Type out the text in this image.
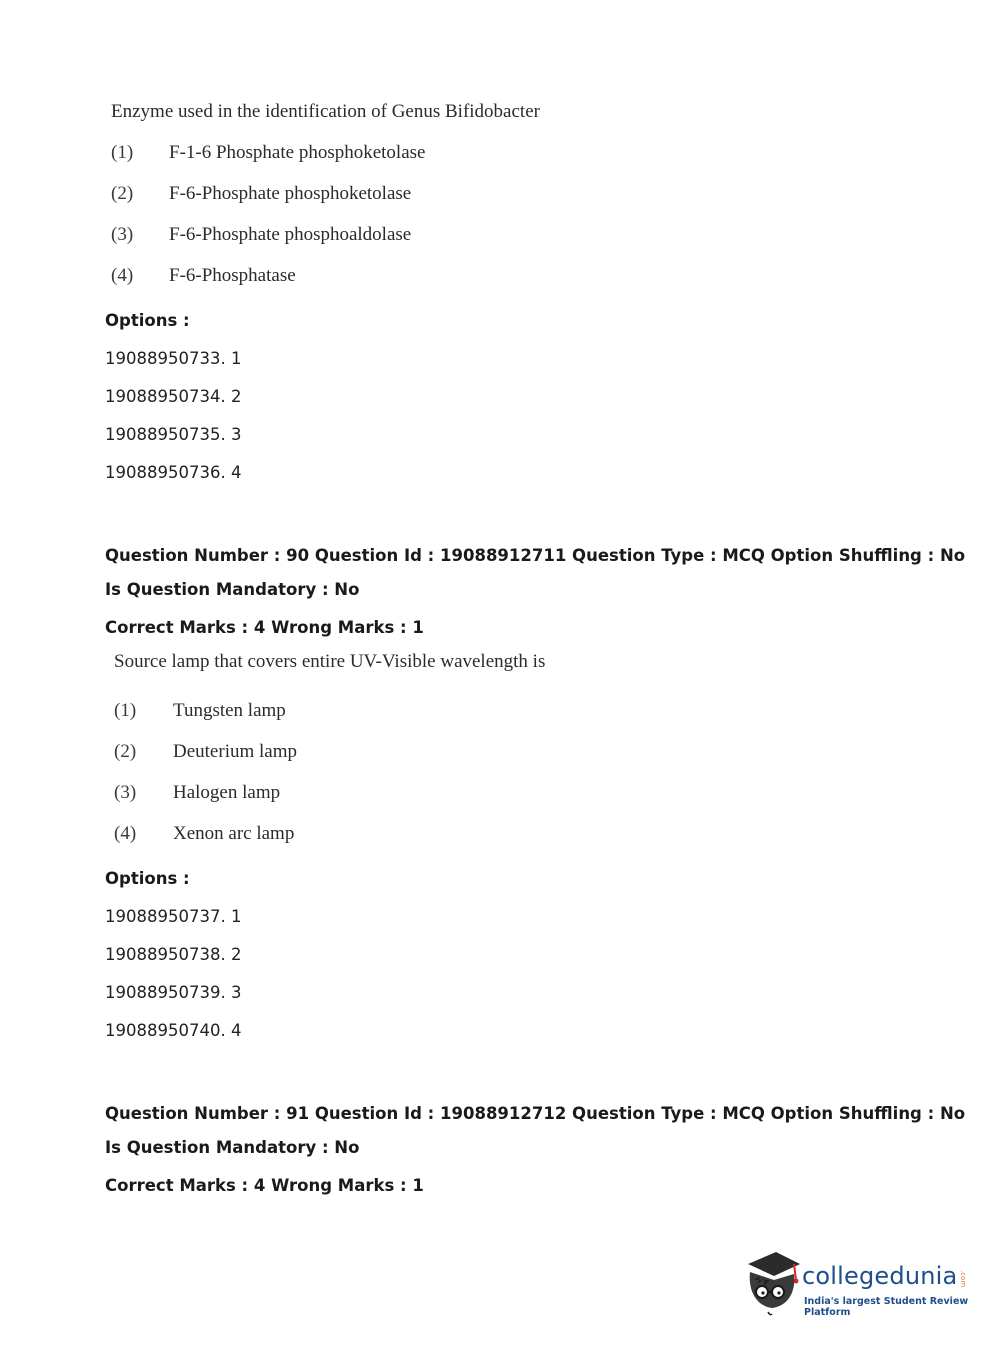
Enzyme used in the identification of Genus Bifidobacter
(1) F-1-6 Phosphate phosphoketolase
(2) F-6-Phosphate phosphoketolase
(3) F-6-Phosphate phosphoaldolase
(4) F-6-Phosphatase
Options :
19088950733. 1
19088950734. 2
19088950735. 3
19088950736. 4
Question Number : 90 Question Id : 19088912711 Question Type : MCQ Option Shuffling : No
Is Question Mandatory : No
Correct Marks : 4 Wrong Marks : 1
Source lamp that covers entire UV-Visible wavelength is
(1) Tungsten lamp
(2) Deuterium lamp
(3) Halogen lamp
(4) Xenon arc lamp
Options :
19088950737. 1
19088950738. 2
19088950739. 3
19088950740. 4
Question Number : 91 Question Id : 19088912712 Question Type : MCQ Option Shuffling : No
Is Question Mandatory : No
Correct Marks : 4 Wrong Marks : 1
collegedunia .com
India's largest Student Review Platform
